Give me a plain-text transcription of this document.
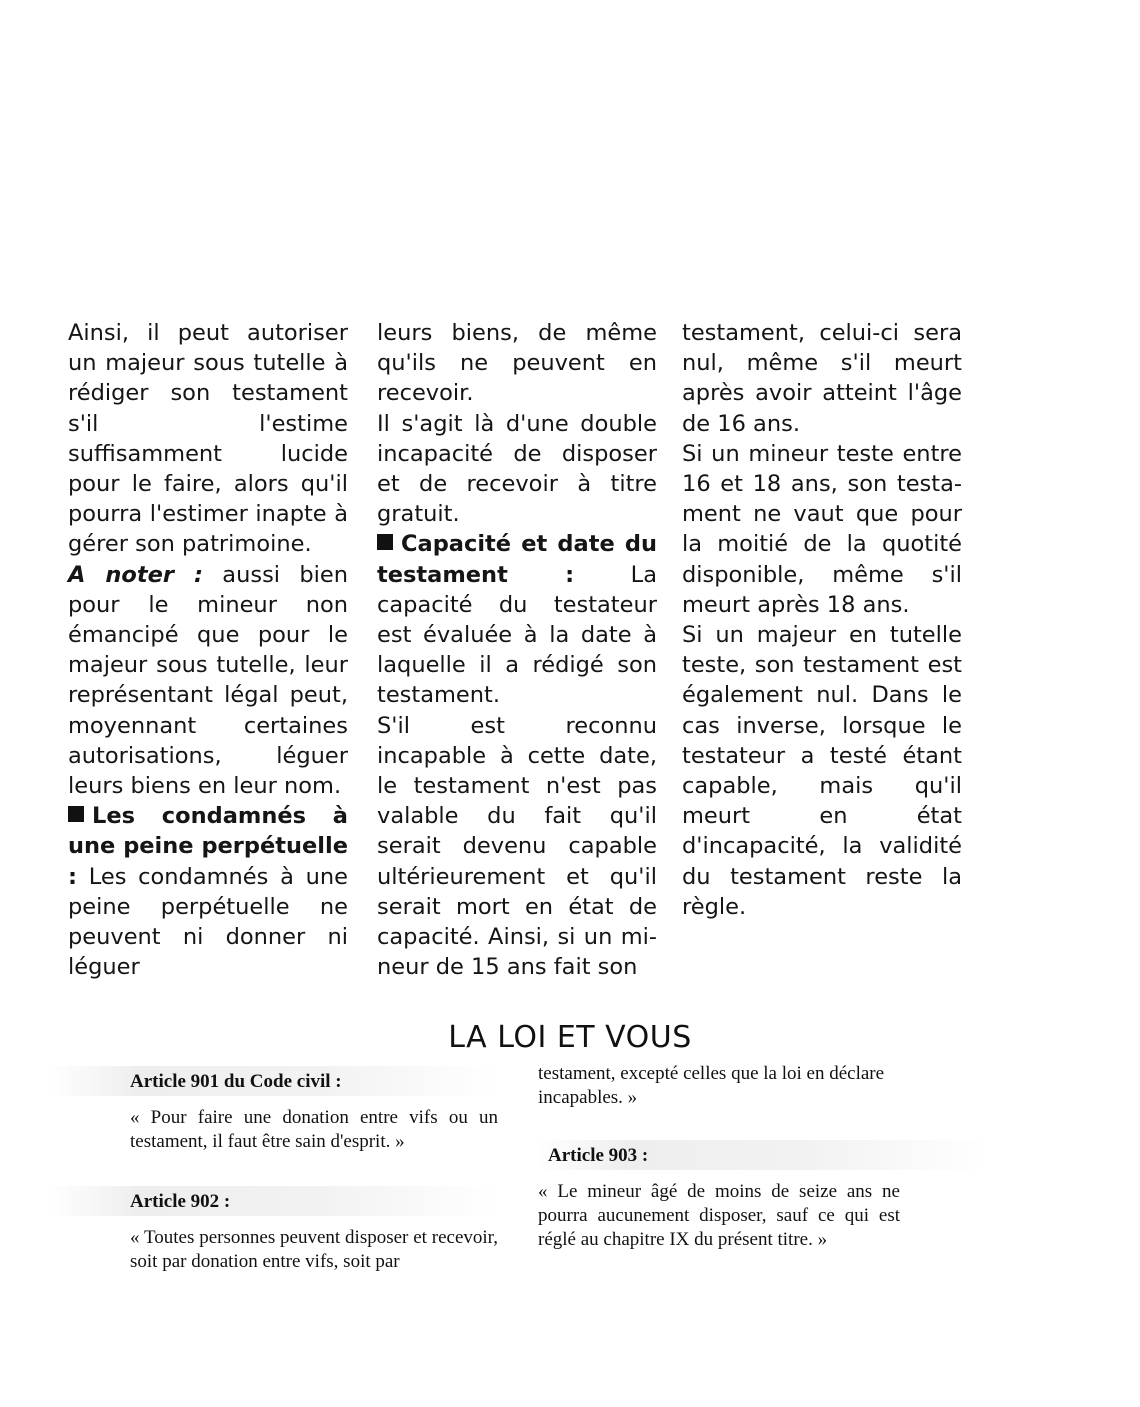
Ainsi, il peut autoriser un majeur sous tutelle à rédiger son testament s'il l'estime suffisamment lucide pour le faire, alors qu'il pourra l'estimer inapte à gérer son patrimoine.

A noter : aussi bien pour le mineur non émancipé que pour le majeur sous tutelle, leur représentant légal peut, moyennant certaines autorisations, léguer leurs biens en leur nom.

Les condamnés à une peine perpétuelle : Les condamnés à une peine perpétuelle ne peuvent ni donner ni léguer

leurs biens, de même qu'ils ne peuvent en recevoir.

Il s'agit là d'une double incapacité de disposer et de recevoir à titre gratuit.

Capacité et date du testament : La capacité du testateur est évaluée à la date à laquelle il a rédigé son testament.

S'il est reconnu incapable à cette date, le testament n'est pas valable du fait qu'il serait devenu capable ultérieurement et qu'il serait mort en état de capacité. Ainsi, si un mineur de 15 ans fait son

testament, celui-ci sera nul, même s'il meurt après avoir atteint l'âge de 16 ans.

Si un mineur teste entre 16 et 18 ans, son testament ne vaut que pour la moitié de la quotité disponible, même s'il meurt après 18 ans.

Si un majeur en tutelle teste, son testament est également nul. Dans le cas inverse, lorsque le testateur a testé étant capable, mais qu'il meurt en état d'incapacité, la validité du testament reste la règle.

LA LOI ET VOUS
Article 901 du Code civil :

« Pour faire une donation entre vifs ou un testament, il faut être sain d'esprit. »

Article 902 :

« Toutes personnes peuvent disposer et recevoir, soit par donation entre vifs, soit par

testament, excepté celles que la loi en déclare incapables. »

Article 903 :

« Le mineur âgé de moins de seize ans ne pourra aucunement disposer, sauf ce qui est réglé au chapitre IX du présent titre. »
